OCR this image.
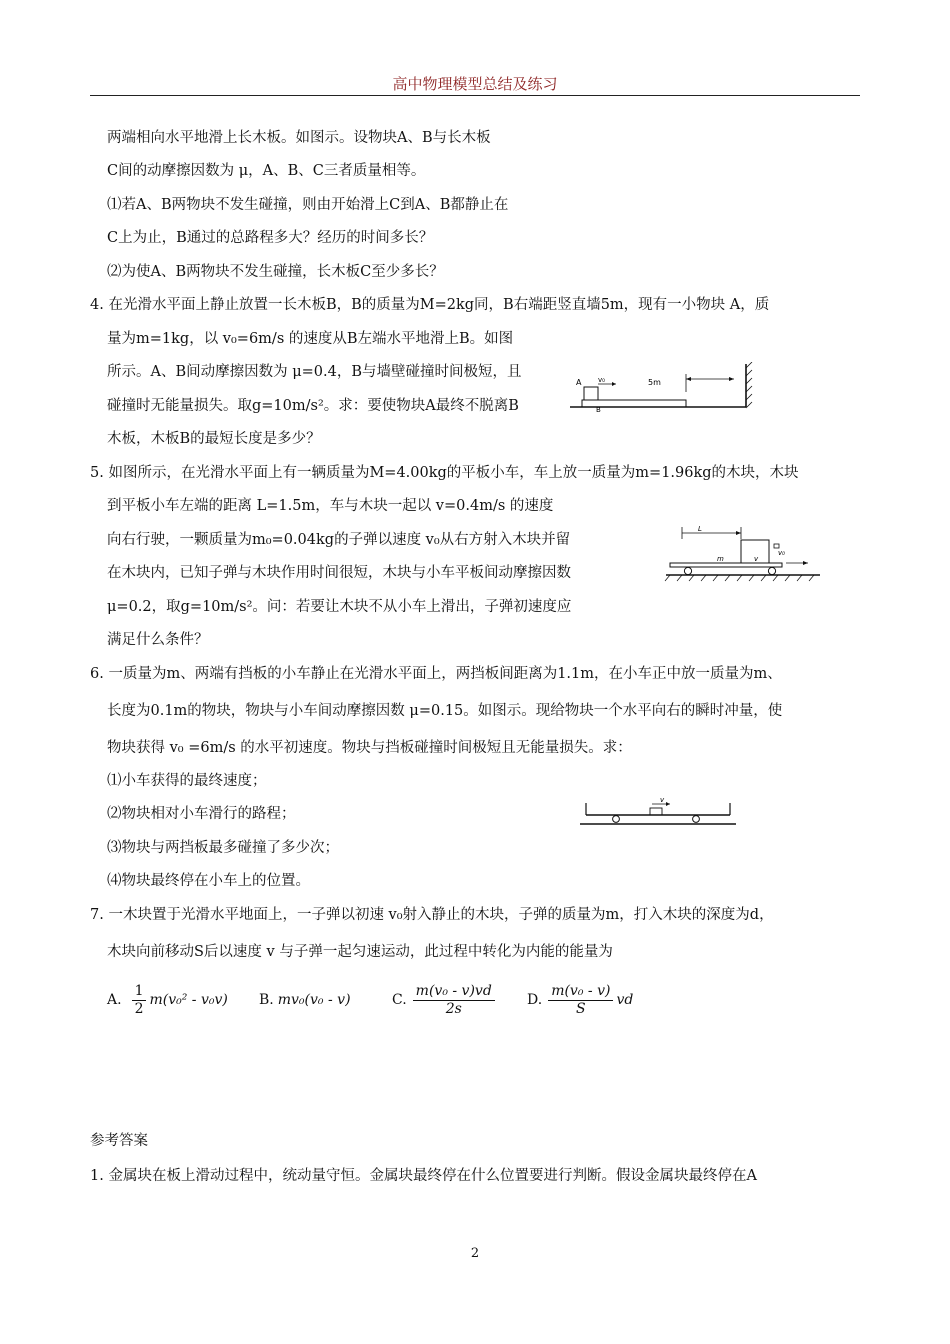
高中物理模型总结及练习
两端相向水平地滑上长木板。如图示。设物块A、B与长木板
C间的动摩擦因数为 μ，A、B、C三者质量相等。
⑴若A、B两物块不发生碰撞，则由开始滑上C到A、B都静止在
C上为止，B通过的总路程多大？经历的时间多长？
⑵为使A、B两物块不发生碰撞，长木板C至少多长？
4. 在光滑水平面上静止放置一长木板B，B的质量为M=2kg同，B右端距竖直墙5m，现有一小物块 A，质
量为m=1kg，以 v₀=6m/s 的速度从B左端水平地滑上B。如图
所示。A、B间动摩擦因数为 μ=0.4，B与墙壁碰撞时间极短，且
碰撞时无能量损失。取g=10m/s²。求：要使物块A最终不脱离B
木板，木板B的最短长度是多少？
5. 如图所示，在光滑水平面上有一辆质量为M=4.00kg的平板小车，车上放一质量为m=1.96kg的木块，木块
到平板小车左端的距离 L=1.5m，车与木块一起以 v=0.4m/s 的速度
向右行驶，一颗质量为m₀=0.04kg的子弹以速度 v₀从右方射入木块并留
在木块内，已知子弹与木块作用时间很短，木块与小车平板间动摩擦因数
μ=0.2，取g=10m/s²。问：若要让木块不从小车上滑出，子弹初速度应
满足什么条件？
6. 一质量为m、两端有挡板的小车静止在光滑水平面上，两挡板间距离为1.1m，在小车正中放一质量为m、
长度为0.1m的物块，物块与小车间动摩擦因数 μ=0.15。如图示。现给物块一个水平向右的瞬时冲量，使
物块获得 v₀ =6m/s 的水平初速度。物块与挡板碰撞时间极短且无能量损失。求：
⑴小车获得的最终速度；
⑵物块相对小车滑行的路程；
⑶物块与两挡板最多碰撞了多少次；
⑷物块最终停在小车上的位置。
7. 一木块置于光滑水平地面上，一子弹以初速 v₀射入静止的木块，子弹的质量为m，打入木块的深度为d，
木块向前移动S后以速度 v 与子弹一起匀速运动，此过程中转化为内能的能量为
参考答案
1. 金属块在板上滑动过程中，统动量守恒。金属块最终停在什么位置要进行判断。假设金属块最终停在A
A v₀	5m
B
L
m	v
v₀
v
A. $\frac{1}{2} m(v_0^2 - v_0v)$ B. mv₀(v₀ - v)	C. $\frac{\text{m(v₀ - v)vd}}{2s} D$. $\frac{\text{m(v₀ - v)}}{S}$ vd
2
